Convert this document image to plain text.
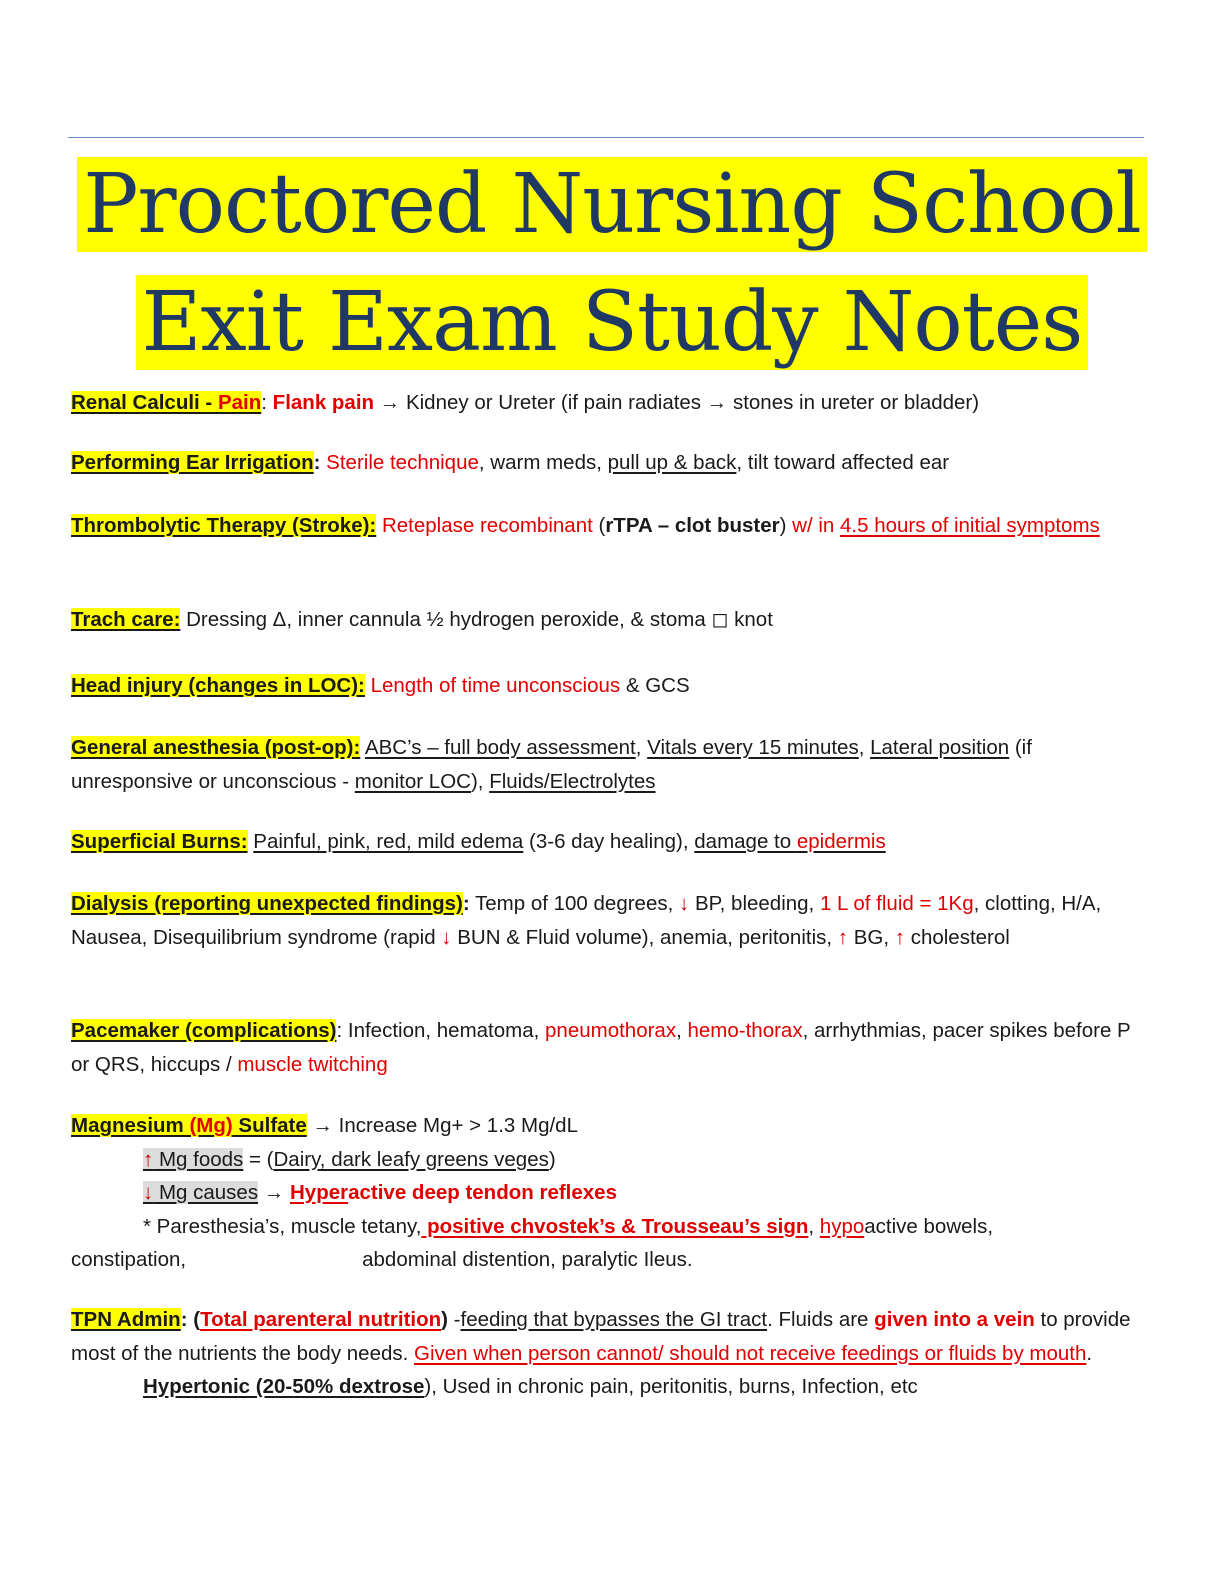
Proctored Nursing School
Exit Exam Study Notes
Renal Calculi - Pain: Flank pain → Kidney or Ureter (if pain radiates → stones in ureter or bladder)
Performing Ear Irrigation: Sterile technique, warm meds, pull up & back, tilt toward affected ear
Thrombolytic Therapy (Stroke): Reteplase recombinant (rTPA – clot buster) w/ in 4.5 hours of initial symptoms
Trach care: Dressing Δ, inner cannula ½ hydrogen peroxide, & stoma ◻ knot
Head injury (changes in LOC): Length of time unconscious & GCS
General anesthesia (post-op): ABC’s – full body assessment, Vitals every 15 minutes, Lateral position (if unresponsive or unconscious - monitor LOC), Fluids/Electrolytes
Superficial Burns: Painful, pink, red, mild edema (3-6 day healing), damage to epidermis
Dialysis (reporting unexpected findings): Temp of 100 degrees, ↓ BP, bleeding, 1 L of fluid = 1Kg, clotting, H/A, Nausea, Disequilibrium syndrome (rapid ↓ BUN & Fluid volume), anemia, peritonitis, ↑ BG, ↑ cholesterol
Pacemaker (complications): Infection, hematoma, pneumothorax, hemo-thorax, arrhythmias, pacer spikes before P or QRS, hiccups / muscle twitching
Magnesium (Mg) Sulfate → Increase Mg+ > 1.3 Mg/dL
↑ Mg foods = (Dairy, dark leafy greens veges)
↓ Mg causes → Hyperactive deep tendon reflexes
* Paresthesia’s, muscle tetany, positive chvostek’s & Trousseau’s sign, hypoactive bowels,
constipation,	abdominal distention, paralytic Ileus.
TPN Admin: (Total parenteral nutrition) -feeding that bypasses the GI tract. Fluids are given into a vein to provide most of the nutrients the body needs. Given when person cannot/ should not receive feedings or fluids by mouth.
Hypertonic (20-50% dextrose), Used in chronic pain, peritonitis, burns, Infection, etc
